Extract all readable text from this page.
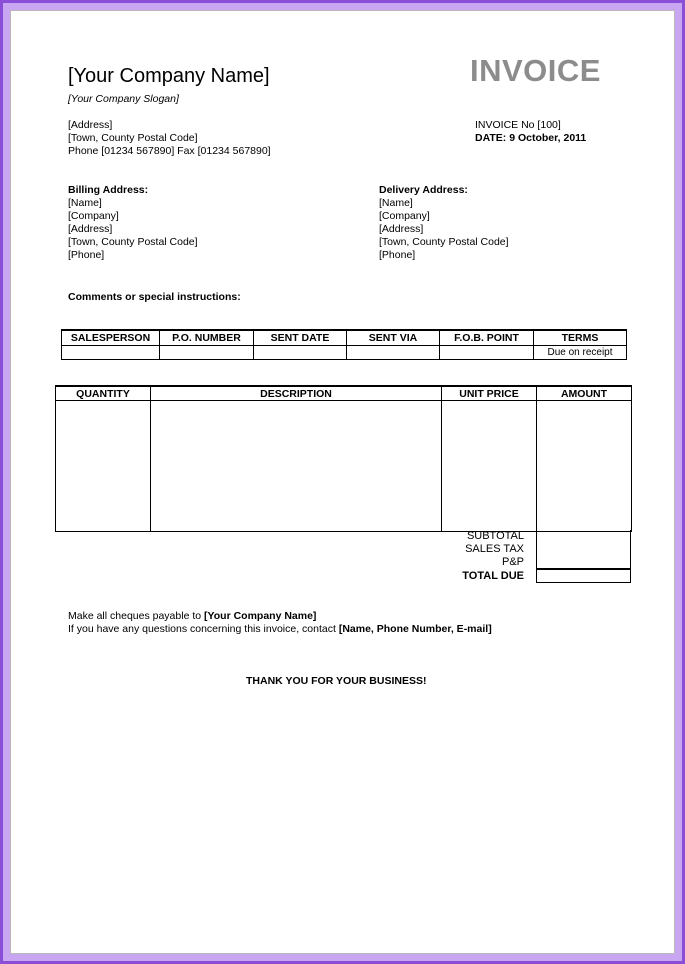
[Your Company Name]
[Your Company Slogan]
INVOICE
[Address]
[Town, County Postal Code]
Phone [01234 567890] Fax [01234 567890]
INVOICE No [100]
DATE: 9 October, 2011
Billing Address:
[Name]
[Company]
[Address]
[Town, County Postal Code]
[Phone]
Delivery Address:
[Name]
[Company]
[Address]
[Town, County Postal Code]
[Phone]
Comments or special instructions:
SALESPERSON	P.O. NUMBER	SENT DATE	SENT VIA	F.O.B. POINT	TERMS
					Due on receipt
QUANTITY	DESCRIPTION	UNIT PRICE	AMOUNT

SUBTOTAL
SALES TAX
P&P
TOTAL DUE
Make all cheques payable to [Your Company Name]
If you have any questions concerning this invoice, contact [Name, Phone Number, E-mail]
THANK YOU FOR YOUR BUSINESS!
